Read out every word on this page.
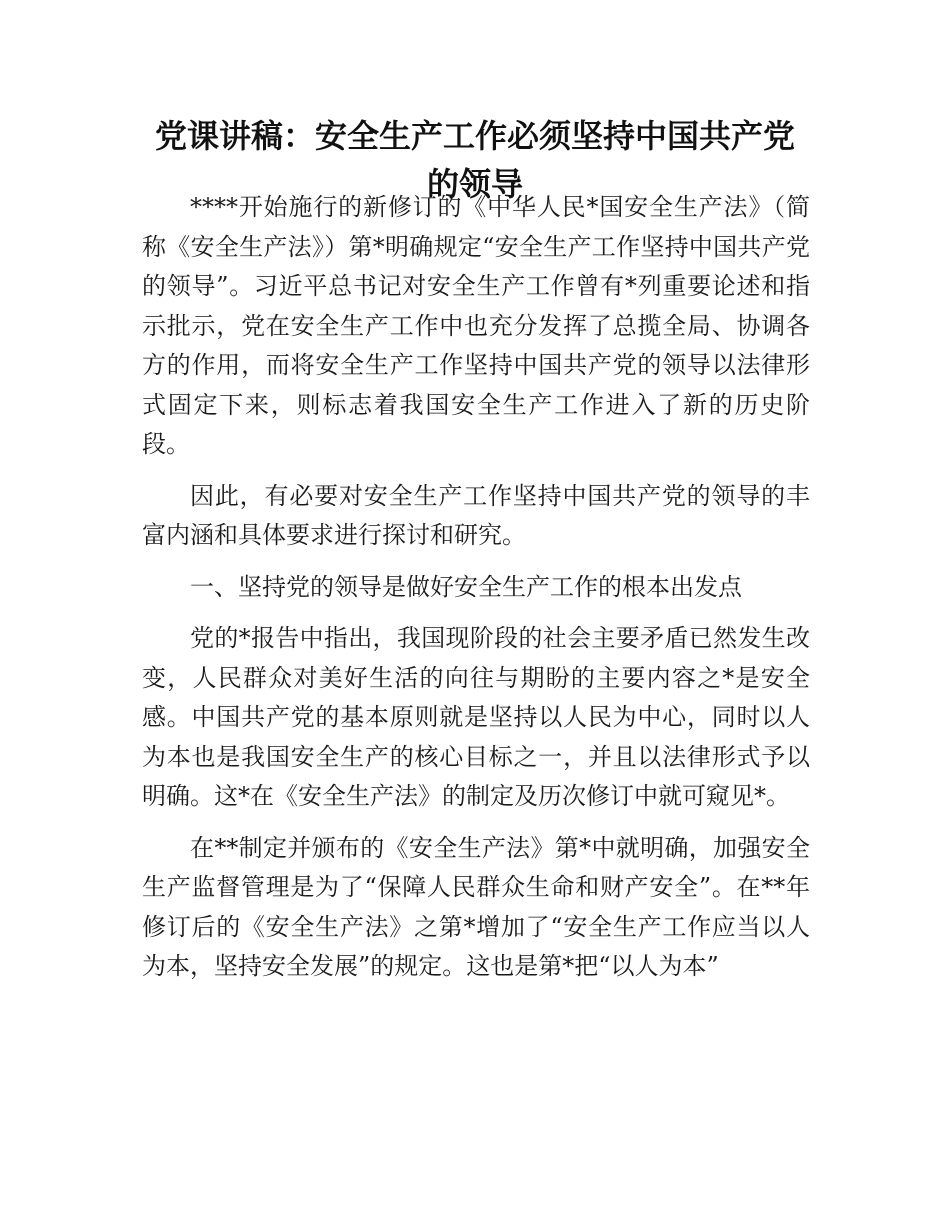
党课讲稿：安全生产工作必须坚持中国共产党的领导

****开始施行的新修订的《中华人民*国安全生产法》（简称《安全生产法》）第*明确规定“安全生产工作坚持中国共产党的领导”。习近平总书记对安全生产工作曾有*列重要论述和指示批示，党在安全生产工作中也充分发挥了总揽全局、协调各方的作用，而将安全生产工作坚持中国共产党的领导以法律形式固定下来，则标志着我国安全生产工作进入了新的历史阶段。

因此，有必要对安全生产工作坚持中国共产党的领导的丰富内涵和具体要求进行探讨和研究。

一、坚持党的领导是做好安全生产工作的根本出发点

党的*报告中指出，我国现阶段的社会主要矛盾已然发生改变，人民群众对美好生活的向往与期盼的主要内容之*是安全感。中国共产党的基本原则就是坚持以人民为中心，同时以人为本也是我国安全生产的核心目标之一，并且以法律形式予以明确。这*在《安全生产法》的制定及历次修订中就可窥见*。

在**制定并颁布的《安全生产法》第*中就明确，加强安全生产监督管理是为了“保障人民群众生命和财产安全”。在**年修订后的《安全生产法》之第*增加了“安全生产工作应当以人为本，坚持安全发展”的规定。这也是第*把“以人为本”
